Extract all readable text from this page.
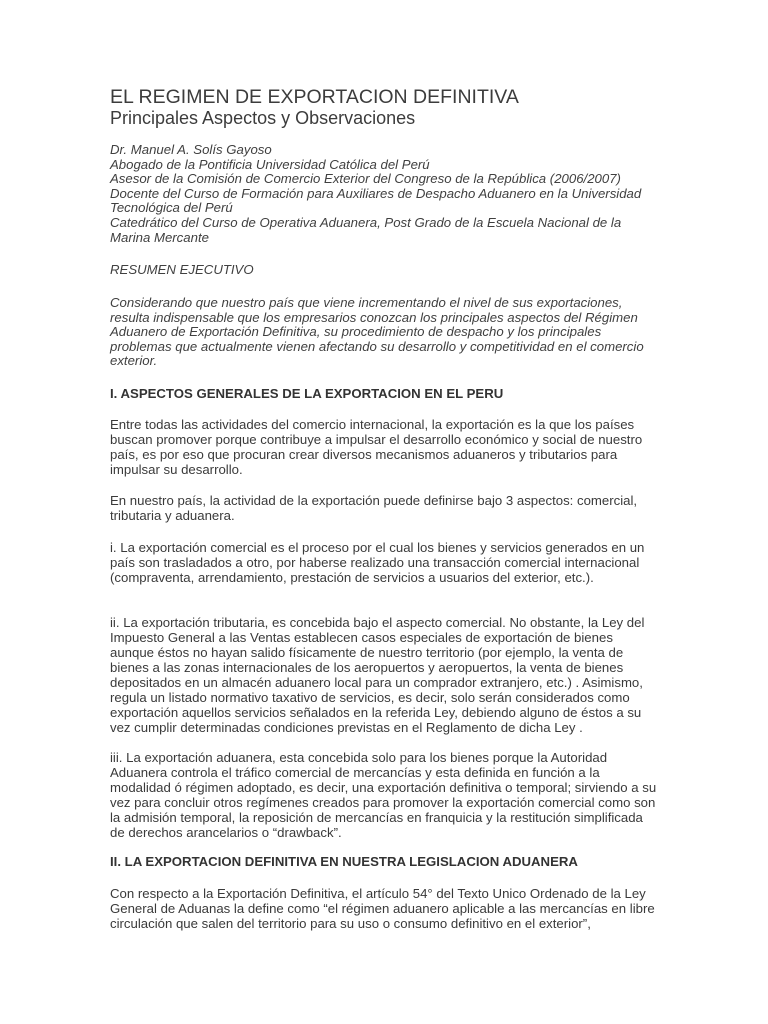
EL REGIMEN DE EXPORTACION DEFINITIVA
Principales Aspectos y Observaciones
Dr. Manuel A. Solís Gayoso
Abogado de la Pontificia Universidad Católica del Perú
Asesor de la Comisión de Comercio Exterior del Congreso de la República (2006/2007)
Docente del Curso de Formación para Auxiliares de Despacho Aduanero en la Universidad Tecnológica del Perú
Catedrático del Curso de Operativa Aduanera, Post Grado de la Escuela Nacional de la Marina Mercante
RESUMEN EJECUTIVO
Considerando que nuestro país que viene incrementando el nivel de sus exportaciones, resulta indispensable que los empresarios conozcan los principales aspectos del Régimen Aduanero de Exportación Definitiva, su procedimiento de despacho y los principales problemas que actualmente vienen afectando su desarrollo y competitividad en el comercio exterior.
I. ASPECTOS GENERALES DE LA EXPORTACION EN EL PERU

Entre todas las actividades del comercio internacional, la exportación es la que los países buscan promover porque contribuye a impulsar el desarrollo económico y social de nuestro país, es por eso que procuran crear diversos mecanismos aduaneros y tributarios para impulsar su desarrollo.

En nuestro país, la actividad de la exportación puede definirse bajo 3 aspectos: comercial, tributaria y aduanera.

i. La exportación comercial es el proceso por el cual los bienes y servicios generados en un país son trasladados a otro, por haberse realizado una transacción comercial internacional (compraventa, arrendamiento, prestación de servicios a usuarios del exterior, etc.).

ii. La exportación tributaria, es concebida bajo el aspecto comercial. No obstante, la Ley del Impuesto General a las Ventas establecen casos especiales de exportación de bienes aunque éstos no hayan salido físicamente de nuestro territorio (por ejemplo, la venta de bienes a las zonas internacionales de los aeropuertos y aeropuertos, la venta de bienes depositados en un almacén aduanero local para un comprador extranjero, etc.) . Asimismo, regula un listado normativo taxativo de servicios, es decir, solo serán considerados como exportación aquellos servicios señalados en la referida Ley, debiendo alguno de éstos a su vez cumplir determinadas condiciones previstas en el Reglamento de dicha Ley .

iii. La exportación aduanera, esta concebida solo para los bienes porque la Autoridad Aduanera controla el tráfico comercial de mercancías y esta definida en función a la modalidad ó régimen adoptado, es decir, una exportación definitiva o temporal; sirviendo a su vez para concluir otros regímenes creados para promover la exportación comercial como son la admisión temporal, la reposición de mercancías en franquicia y la restitución simplificada de derechos arancelarios o “drawback”.

II. LA EXPORTACION DEFINITIVA EN NUESTRA LEGISLACION ADUANERA

Con respecto a la Exportación Definitiva, el artículo 54° del Texto Unico Ordenado de la Ley General de Aduanas la define como “el régimen aduanero aplicable a las mercancías en libre circulación que salen del territorio para su uso o consumo definitivo en el exterior”,
